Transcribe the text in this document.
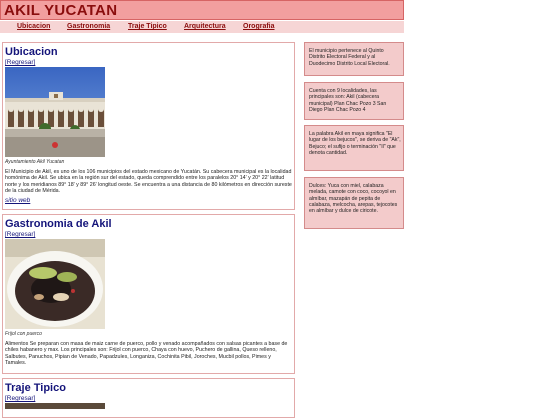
AKIL YUCATAN
Ubicacion Gastronomia	Traje Tipico Arquitectura Orografia
Ubicacion
[Regresar]
Ayuntamiento Akil Yucatan

El Municipio de Akil, es uno de los 106 municipios del estado mexicano de Yucatán. Su cabecera municipal es la localidad homónima de Akil. Se ubica en la región sur del estado, queda comprendido entre los paralelos 20° 14' y 20° 22' latitud norte y los meridianos 89° 18' y 89° 26' longitud oeste. Se encuentra a una distancia de 80 kilómetros en dirección sureste de la ciudad de Mérida.

sitio web
Gastronomia de Akil
[Regresar]
Frijol con puerco

Alimentos Se preparan con masa de maiz carne de puerco, pollo y venado acompañados con salsas picantes a base de chiles habanero y max. Los principales son: Frijol con puerco, Chaya con huevo, Puchero de gallina, Queso relleno, Salbutes, Panuchos, Pipian de Venado, Papadzules, Longaniza, Cochinita Pibil, Joroches, Mucbil pollos, Pimes y Tamales.

Traje Tipico
[Regresar]

El municipio pertenece al Quinto Distrito Electoral Federal y al Duodecimo Distrito Local Electoral.

Cuenta con 9 localidades, las principales son: Akil (cabecera municipal) Plan Chac Pozo 3 San Diego Plan Chac Pozo 4

La palabra Akil en maya significa "El lugar de los bejucos", se deriva de "Ak", Bejuco; el sufijo o terminación "Il" que denota cantidad.

Dulces: Yuca con miel, calabaza melada, camote con coco, cocoyol en almíbar, mazapán de pepita de calabaza, melcocha, arepas, tejocotes en almíbar y dulce de ciricote.
